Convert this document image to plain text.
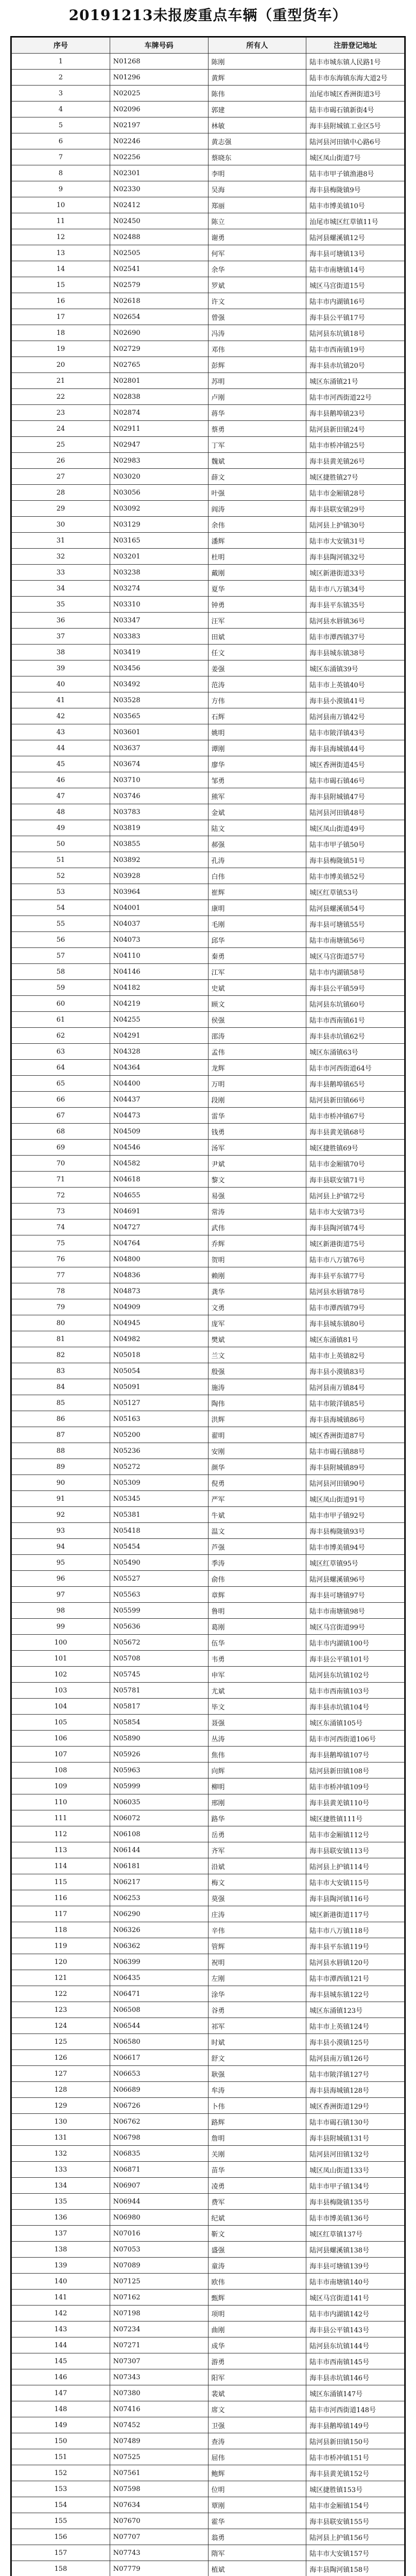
20191213未报废重点车辆（重型货车）
序号	车牌号码	所有人	注册登记地址
1	N01268	陈刚	陆丰市城东镇人民路1号
2	N01296	黄辉	陆丰市东海镇东海大道2号
3	N02025	陈伟	汕尾市城区香洲街道3号
4	N02096	郭建	陆丰市碣石镇新街4号
5	N02197	林敏	海丰县附城镇工业区5号
6	N02246	黄志强	陆河县河田镇中心路6号
7	N02256	蔡晓东	城区凤山街道7号
8	N02301	李明	陆丰市甲子镇渔港8号
9	N02330	吴海	海丰县梅陇镇9号
10	N02412	郑丽	陆丰市博美镇10号
11	N02450	陈立	汕尾市城区红草镇11号
12	N02488	谢勇	陆河县螺溪镇12号
13	N02505	何军	海丰县可塘镇13号
14	N02541	余华	陆丰市南塘镇14号
15	N02579	罗斌	城区马宫街道15号
16	N02618	许文	陆丰市内湖镇16号
17	N02654	曾强	海丰县公平镇17号
18	N02690	冯涛	陆河县东坑镇18号
19	N02729	邓伟	陆丰市西南镇19号
20	N02765	彭辉	海丰县赤坑镇20号
21	N02801	苏明	城区东涌镇21号
22	N02838	卢刚	陆丰市河西街道22号
23	N02874	蒋华	海丰县鹅埠镇23号
24	N02911	蔡勇	陆河县新田镇24号
25	N02947	丁军	陆丰市桥冲镇25号
26	N02983	魏斌	海丰县黄羌镇26号
27	N03020	薛文	城区捷胜镇27号
28	N03056	叶强	陆丰市金厢镇28号
29	N03092	阎涛	海丰县联安镇29号
30	N03129	余伟	陆河县上护镇30号
31	N03165	潘辉	陆丰市大安镇31号
32	N03201	杜明	海丰县陶河镇32号
33	N03238	戴刚	城区新港街道33号
34	N03274	夏华	陆丰市八万镇34号
35	N03310	钟勇	海丰县平东镇35号
36	N03347	汪军	陆河县水唇镇36号
37	N03383	田斌	陆丰市潭西镇37号
38	N03419	任文	海丰县城东镇38号
39	N03456	姜强	城区东涌镇39号
40	N03492	范涛	陆丰市上英镇40号
41	N03528	方伟	海丰县小漠镇41号
42	N03565	石辉	陆河县南万镇42号
43	N03601	姚明	陆丰市陂洋镇43号
44	N03637	谭刚	海丰县海城镇44号
45	N03674	廖华	城区香洲街道45号
46	N03710	邹勇	陆丰市碣石镇46号
47	N03746	熊军	海丰县附城镇47号
48	N03783	金斌	陆河县河田镇48号
49	N03819	陆文	城区凤山街道49号
50	N03855	郝强	陆丰市甲子镇50号
51	N03892	孔涛	海丰县梅陇镇51号
52	N03928	白伟	陆丰市博美镇52号
53	N03964	崔辉	城区红草镇53号
54	N04001	康明	陆河县螺溪镇54号
55	N04037	毛刚	海丰县可塘镇55号
56	N04073	邱华	陆丰市南塘镇56号
57	N04110	秦勇	城区马宫街道57号
58	N04146	江军	陆丰市内湖镇58号
59	N04182	史斌	海丰县公平镇59号
60	N04219	顾文	陆河县东坑镇60号
61	N04255	侯强	陆丰市西南镇61号
62	N04291	邵涛	海丰县赤坑镇62号
63	N04328	孟伟	城区东涌镇63号
64	N04364	龙辉	陆丰市河西街道64号
65	N04400	万明	海丰县鹅埠镇65号
66	N04437	段刚	陆河县新田镇66号
67	N04473	雷华	陆丰市桥冲镇67号
68	N04509	钱勇	海丰县黄羌镇68号
69	N04546	汤军	城区捷胜镇69号
70	N04582	尹斌	陆丰市金厢镇70号
71	N04618	黎文	海丰县联安镇71号
72	N04655	易强	陆河县上护镇72号
73	N04691	常涛	陆丰市大安镇73号
74	N04727	武伟	海丰县陶河镇74号
75	N04764	乔辉	城区新港街道75号
76	N04800	贺明	陆丰市八万镇76号
77	N04836	赖刚	海丰县平东镇77号
78	N04873	龚华	陆河县水唇镇78号
79	N04909	文勇	陆丰市潭西镇79号
80	N04945	庞军	海丰县城东镇80号
81	N04982	樊斌	城区东涌镇81号
82	N05018	兰文	陆丰市上英镇82号
83	N05054	殷强	海丰县小漠镇83号
84	N05091	施涛	陆河县南万镇84号
85	N05127	陶伟	陆丰市陂洋镇85号
86	N05163	洪辉	海丰县海城镇86号
87	N05200	翟明	城区香洲街道87号
88	N05236	安刚	陆丰市碣石镇88号
89	N05272	颜华	海丰县附城镇89号
90	N05309	倪勇	陆河县河田镇90号
91	N05345	严军	城区凤山街道91号
92	N05381	牛斌	陆丰市甲子镇92号
93	N05418	温文	海丰县梅陇镇93号
94	N05454	芦强	陆丰市博美镇94号
95	N05490	季涛	城区红草镇95号
96	N05527	俞伟	陆河县螺溪镇96号
97	N05563	章辉	海丰县可塘镇97号
98	N05599	鲁明	陆丰市南塘镇98号
99	N05636	葛刚	城区马宫街道99号
100	N05672	伍华	陆丰市内湖镇100号
101	N05708	韦勇	海丰县公平镇101号
102	N05745	申军	陆河县东坑镇102号
103	N05781	尤斌	陆丰市西南镇103号
104	N05817	毕文	海丰县赤坑镇104号
105	N05854	聂强	城区东涌镇105号
106	N05890	丛涛	陆丰市河西街道106号
107	N05926	焦伟	海丰县鹅埠镇107号
108	N05963	向辉	陆河县新田镇108号
109	N05999	柳明	陆丰市桥冲镇109号
110	N06035	邢刚	海丰县黄羌镇110号
111	N06072	路华	城区捷胜镇111号
112	N06108	岳勇	陆丰市金厢镇112号
113	N06144	齐军	海丰县联安镇113号
114	N06181	沿斌	陆河县上护镇114号
115	N06217	梅文	陆丰市大安镇115号
116	N06253	莫强	海丰县陶河镇116号
117	N06290	庄涛	城区新港街道117号
118	N06326	辛伟	陆丰市八万镇118号
119	N06362	管辉	海丰县平东镇119号
120	N06399	祝明	陆河县水唇镇120号
121	N06435	左刚	陆丰市潭西镇121号
122	N06471	涂华	海丰县城东镇122号
123	N06508	谷勇	城区东涌镇123号
124	N06544	祁军	陆丰市上英镇124号
125	N06580	时斌	海丰县小漠镇125号
126	N06617	舒文	陆河县南万镇126号
127	N06653	耿强	陆丰市陂洋镇127号
128	N06689	牟涛	海丰县海城镇128号
129	N06726	卜伟	城区香洲街道129号
130	N06762	路辉	陆丰市碣石镇130号
131	N06798	詹明	海丰县附城镇131号
132	N06835	关刚	陆河县河田镇132号
133	N06871	苗华	城区凤山街道133号
134	N06907	凌勇	陆丰市甲子镇134号
135	N06944	费军	海丰县梅陇镇135号
136	N06980	纪斌	陆丰市博美镇136号
137	N07016	靳文	城区红草镇137号
138	N07053	盛强	陆河县螺溪镇138号
139	N07089	童涛	海丰县可塘镇139号
140	N07125	欧伟	陆丰市南塘镇140号
141	N07162	甄辉	城区马宫街道141号
142	N07198	项明	陆丰市内湖镇142号
143	N07234	曲刚	海丰县公平镇143号
144	N07271	成华	陆河县东坑镇144号
145	N07307	游勇	陆丰市西南镇145号
146	N07343	阳军	海丰县赤坑镇146号
147	N07380	裴斌	城区东涌镇147号
148	N07416	席文	陆丰市河西街道148号
149	N07452	卫强	海丰县鹅埠镇149号
150	N07489	查涛	陆河县新田镇150号
151	N07525	屈伟	陆丰市桥冲镇151号
152	N07561	鲍辉	海丰县黄羌镇152号
153	N07598	位明	城区捷胜镇153号
154	N07634	覃刚	陆丰市金厢镇154号
155	N07670	霍华	海丰县联安镇155号
156	N07707	翁勇	陆河县上护镇156号
157	N07743	隋军	陆丰市大安镇157号
158	N07779	植斌	海丰县陶河镇158号
